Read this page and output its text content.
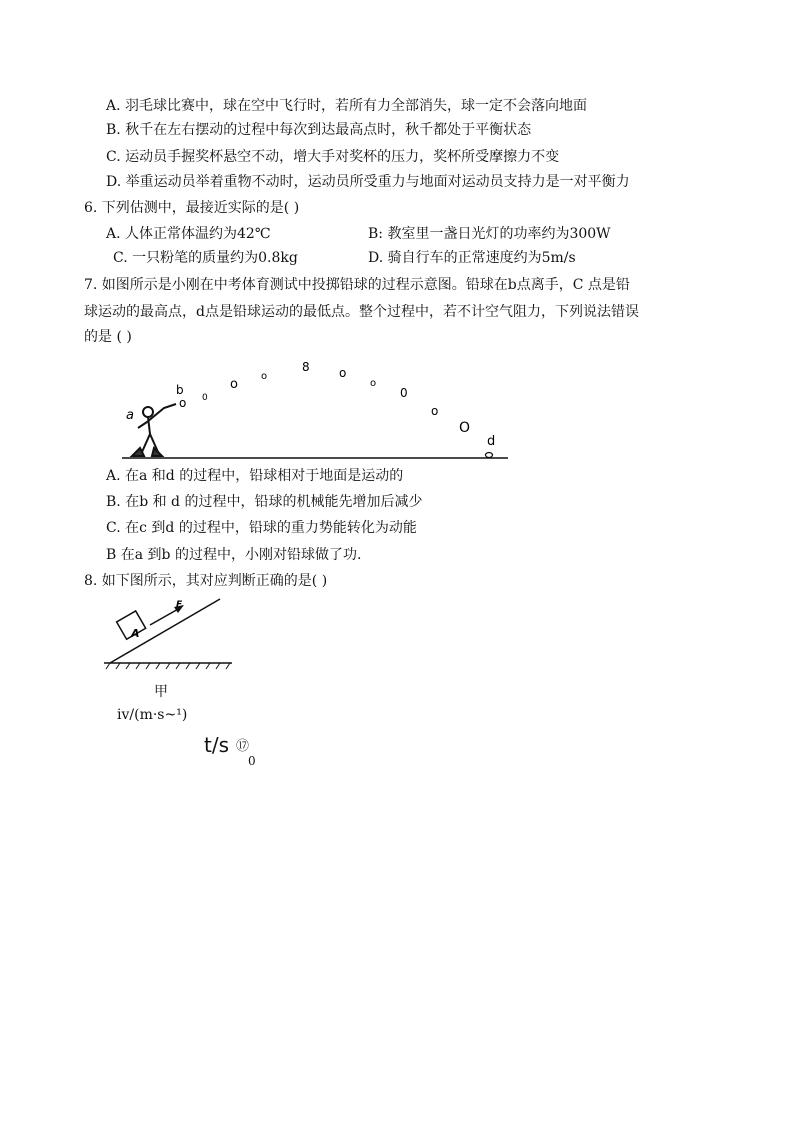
A. 羽毛球比赛中，球在空中飞行时，若所有力全部消失，球一定不会落向地面
B. 秋千在左右摆动的过程中每次到达最高点时，秋千都处于平衡状态
C. 运动员手握奖杯悬空不动，增大手对奖杯的压力，奖杯所受摩擦力不变
D. 举重运动员举着重物不动时，运动员所受重力与地面对运动员支持力是一对平衡力
6. 下列估测中，最接近实际的是( )
A. 人体正常体温约为42℃	B: 教室里一盏日光灯的功率约为300W
C. 一只粉笔的质量约为0.8kg	D. 骑自行车的正常速度约为5m/s
7. 如图所示是小刚在中考体育测试中投掷铅球的过程示意图。铅球在b点离手，C 点是铅
球运动的最高点，d点是铅球运动的最低点。整个过程中，若不计空气阻力，下列说法错误
的是 ( )
a
b
o 0
o
o
8 o
o
0
o
O
d
A. 在a 和d 的过程中，铅球相对于地面是运动的
B. 在b 和 d 的过程中，铅球的机械能先增加后减少
C. 在c 到d 的过程中，铅球的重力势能转化为动能
B 在a 到b 的过程中，小刚对铅球做了功.
8. 如下图所示，其对应判断正确的是( )
A
F
甲
iv/(m·s~¹)
t/s ⑰
0
